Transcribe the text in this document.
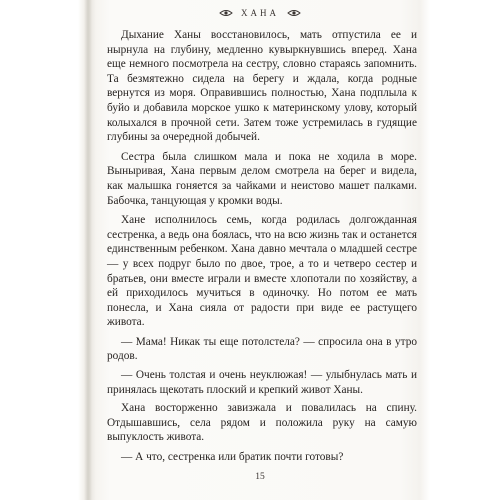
ХАНА

Дыхание Ханы восстановилось, мать отпустила ее и нырнула на глубину, медленно кувыркнувшись вперед. Хана еще немного посмотрела на сестру, словно стараясь запомнить. Та безмятежно сидела на берегу и ждала, когда родные вернутся из моря. Оправившись полностью, Хана подплыла к буйо и добавила морское ушко к материнскому улову, который колыхался в прочной сети. Затем тоже устремилась в гудящие глубины за очередной добычей.

Сестра была слишком мала и пока не ходила в море. Выныривая, Хана первым делом смотрела на берег и видела, как малышка гоняется за чайками и неистово машет палками. Бабочка, танцующая у кромки воды.

Хане исполнилось семь, когда родилась долгожданная сестренка, а ведь она боялась, что на всю жизнь так и останется единственным ребенком. Хана давно мечтала о младшей сестре — у всех подруг было по двое, трое, а то и четверо сестер и братьев, они вместе играли и вместе хлопотали по хозяйству, а ей приходилось мучиться в одиночку. Но потом ее мать понесла, и Хана сияла от радости при виде ее растущего живота.

— Мама! Никак ты еще потолстела? — спросила она в утро родов.

— Очень толстая и очень неуклюжая! — улыбнулась мать и принялась щекотать плоский и крепкий живот Ханы.

Хана восторженно завизжала и повалилась на спину. Отдышавшись, села рядом и положила руку на самую выпуклость живота.

— А что, сестренка или братик почти готовы?

15
